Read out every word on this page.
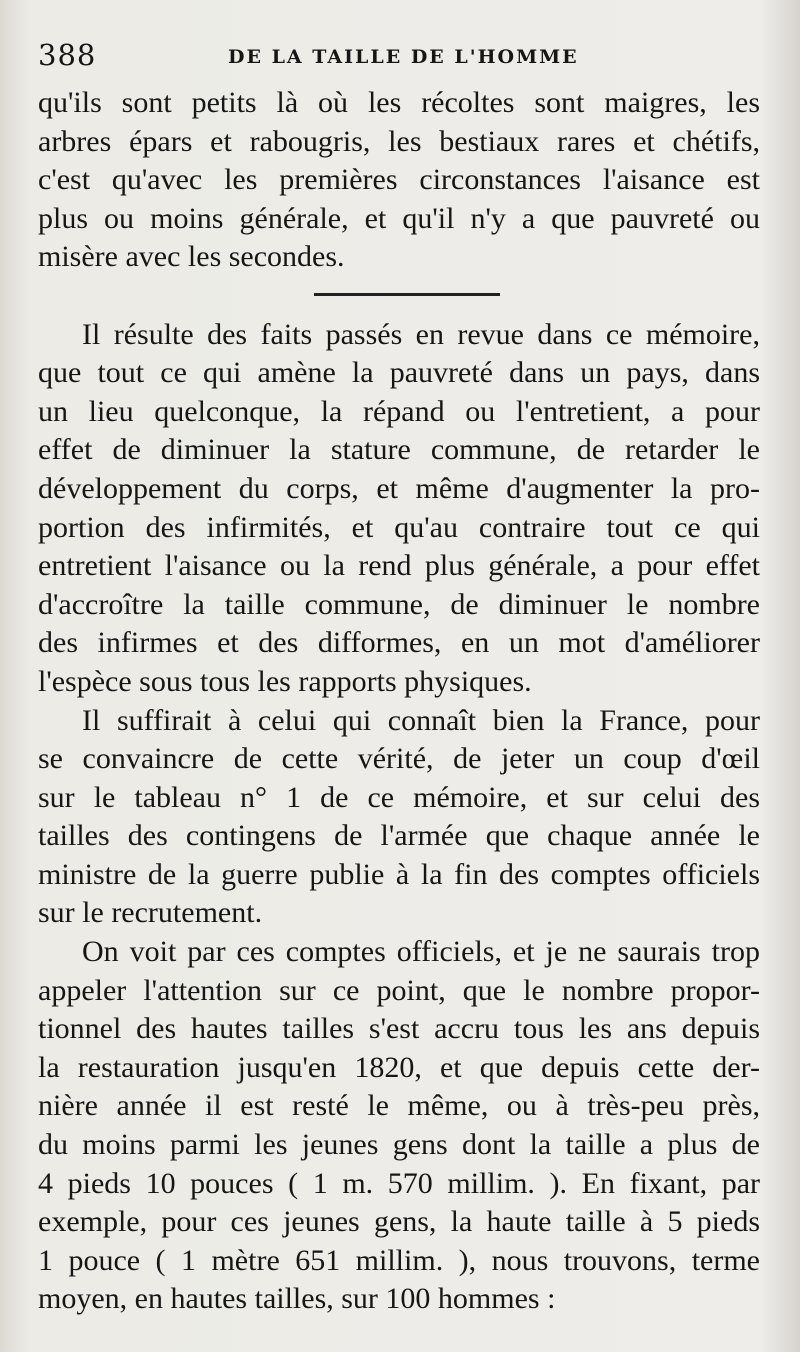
388	DE LA TAILLE DE L'HOMME
qu'ils sont petits là où les récoltes sont maigres, les
arbres épars et rabougris, les bestiaux rares et chétifs,
c'est qu'avec les premières circonstances l'aisance est
plus ou moins générale, et qu'il n'y a que pauvreté ou
misère avec les secondes.
Il résulte des faits passés en revue dans ce mémoire,
que tout ce qui amène la pauvreté dans un pays, dans
un lieu quelconque, la répand ou l'entretient, a pour
effet de diminuer la stature commune, de retarder le
développement du corps, et même d'augmenter la pro-
portion des infirmités, et qu'au contraire tout ce qui
entretient l'aisance ou la rend plus générale, a pour effet
d'accroître la taille commune, de diminuer le nombre
des infirmes et des difformes, en un mot d'améliorer
l'espèce sous tous les rapports physiques.
Il suffirait à celui qui connaît bien la France, pour
se convaincre de cette vérité, de jeter un coup d'œil
sur le tableau n° 1 de ce mémoire, et sur celui des
tailles des contingens de l'armée que chaque année le
ministre de la guerre publie à la fin des comptes officiels
sur le recrutement.
On voit par ces comptes officiels, et je ne saurais trop
appeler l'attention sur ce point, que le nombre propor-
tionnel des hautes tailles s'est accru tous les ans depuis
la restauration jusqu'en 1820, et que depuis cette der-
nière année il est resté le même, ou à très-peu près,
du moins parmi les jeunes gens dont la taille a plus de
4 pieds 10 pouces ( 1 m. 570 millim. ). En fixant, par
exemple, pour ces jeunes gens, la haute taille à 5 pieds
1 pouce ( 1 mètre 651 millim. ), nous trouvons, terme
moyen, en hautes tailles, sur 100 hommes :
